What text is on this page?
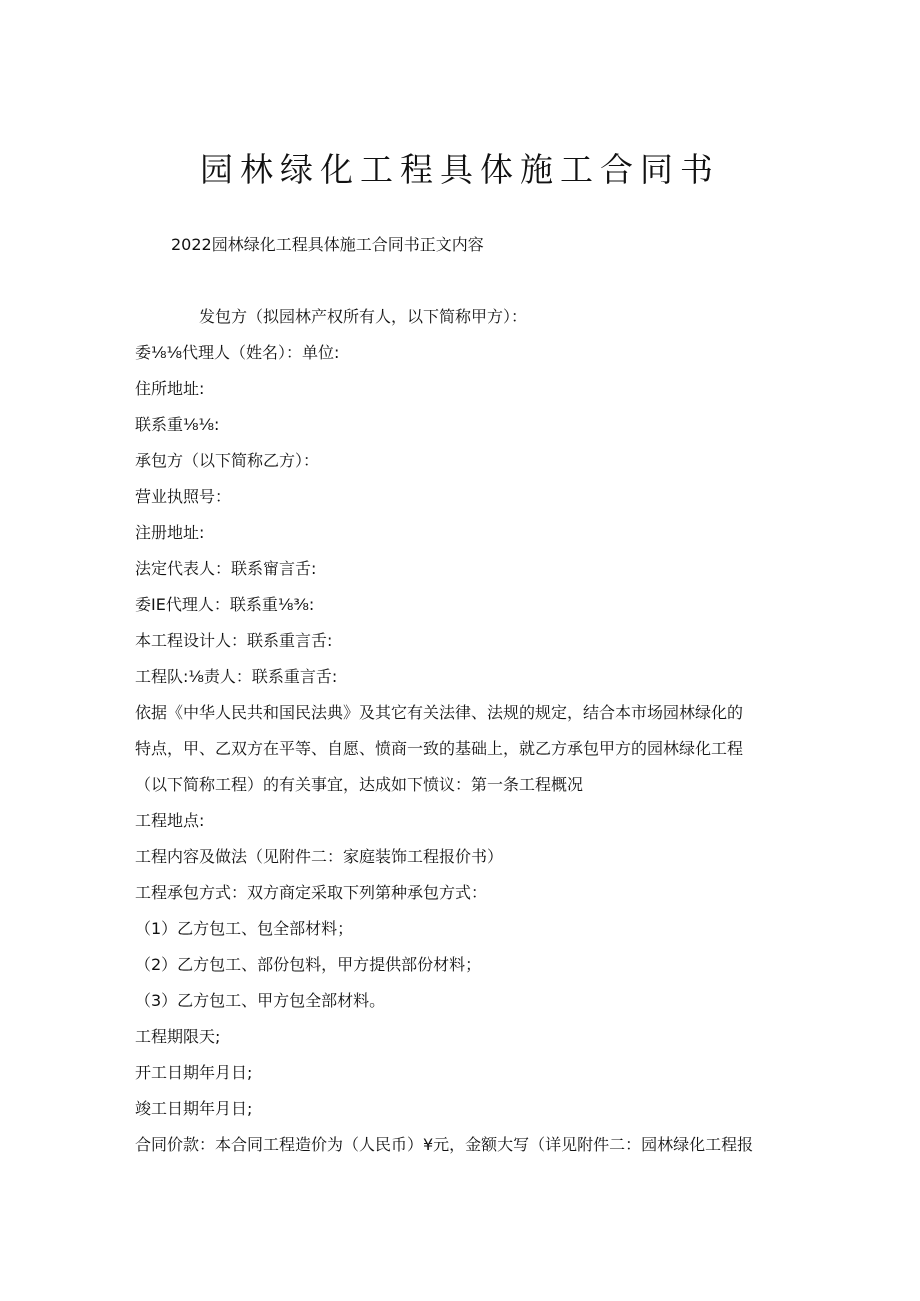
园林绿化工程具体施工合同书
2022园林绿化工程具体施工合同书正文内容
发包方（拟园林产权所有人，以下简称甲方）：
委⅛⅛代理人（姓名）：单位:
住所地址:
联系重⅛⅛:
承包方（以下简称乙方）：
营业执照号：
注册地址:
法定代表人：联系甯言舌:
委IE代理人：联系重⅛⅜:
本工程设计人：联系重言舌:
工程队:⅛责人：联系重言舌:
依据《中华人民共和国民法典》及其它有关法律、法规的规定，结合本市场园林绿化的
特点，甲、乙双方在平等、自愿、愤商一致的基础上，就乙方承包甲方的园林绿化工程
（以下简称工程）的有关事宜，达成如下愤议：第一条工程概况
工程地点:
工程内容及做法（见附件二：家庭装饰工程报价书）
工程承包方式：双方商定采取下列第种承包方式：
（1）乙方包工、包全部材料；
（2）乙方包工、部份包料，甲方提供部份材料；
（3）乙方包工、甲方包全部材料。
工程期限天;
开工日期年月日;
竣工日期年月日;
合同价款：本合同工程造价为（人民币）¥元，金额大写（详见附件二：园林绿化工程报
